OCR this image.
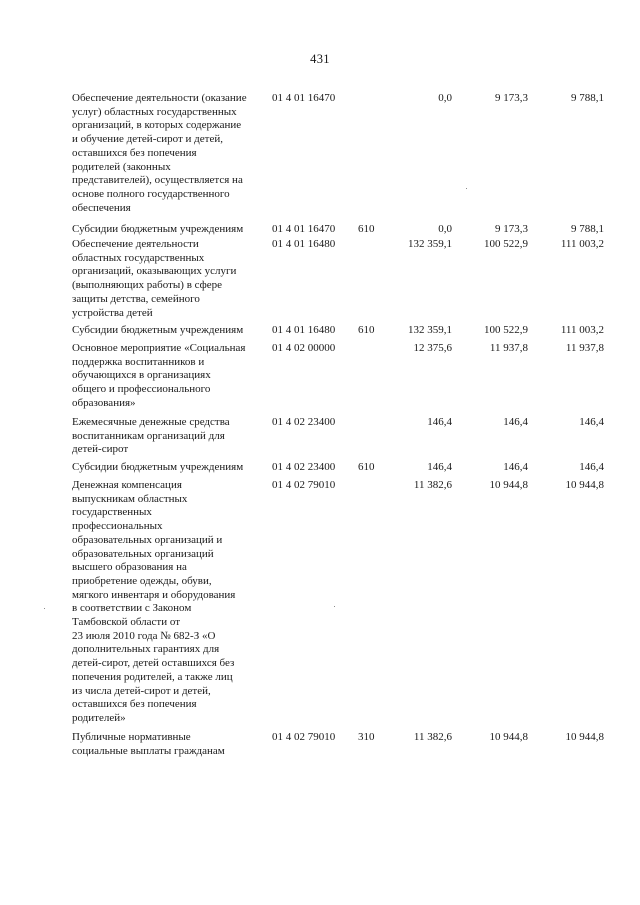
431
Обеспечение деятельности (оказание
услуг) областных государственных
организаций, в которых содержание
и обучение детей-сирот и детей,
оставшихся без попечения
родителей (законных
представителей), осуществляется на
основе полного государственного
обеспечения
01 4 01 16470	0,0	9 173,3	9 788,1
Субсидии бюджетным учреждениям	01 4 01 16470	610	0,0	9 173,3	9 788,1
Обеспечение деятельности
областных государственных
организаций, оказывающих услуги
(выполняющих работы) в сфере
защиты детства, семейного
устройства детей
01 4 01 16480	132 359,1	100 522,9	111 003,2
Субсидии бюджетным учреждениям	01 4 01 16480	610	132 359,1	100 522,9	111 003,2
Основное мероприятие «Социальная
поддержка воспитанников и
обучающихся в организациях
общего и профессионального
образования»
01 4 02 00000	12 375,6	11 937,8	11 937,8
Ежемесячные денежные средства
воспитанникам организаций для
детей-сирот
01 4 02 23400	146,4	146,4	146,4
Субсидии бюджетным учреждениям	01 4 02 23400	610	146,4	146,4	146,4
Денежная компенсация
выпускникам областных
государственных
профессиональных
образовательных организаций и
образовательных организаций
высшего образования на
приобретение одежды, обуви,
мягкого инвентаря и оборудования
в соответствии с Законом
Тамбовской области от
23 июля 2010 года № 682-З «О
дополнительных гарантиях для
детей-сирот, детей оставшихся без
попечения родителей, а также лиц
из числа детей-сирот и детей,
оставшихся без попечения
родителей»
01 4 02 79010	11 382,6	10 944,8	10 944,8
Публичные нормативные
социальные выплаты гражданам
01 4 02 79010	310	11 382,6	10 944,8	10 944,8
